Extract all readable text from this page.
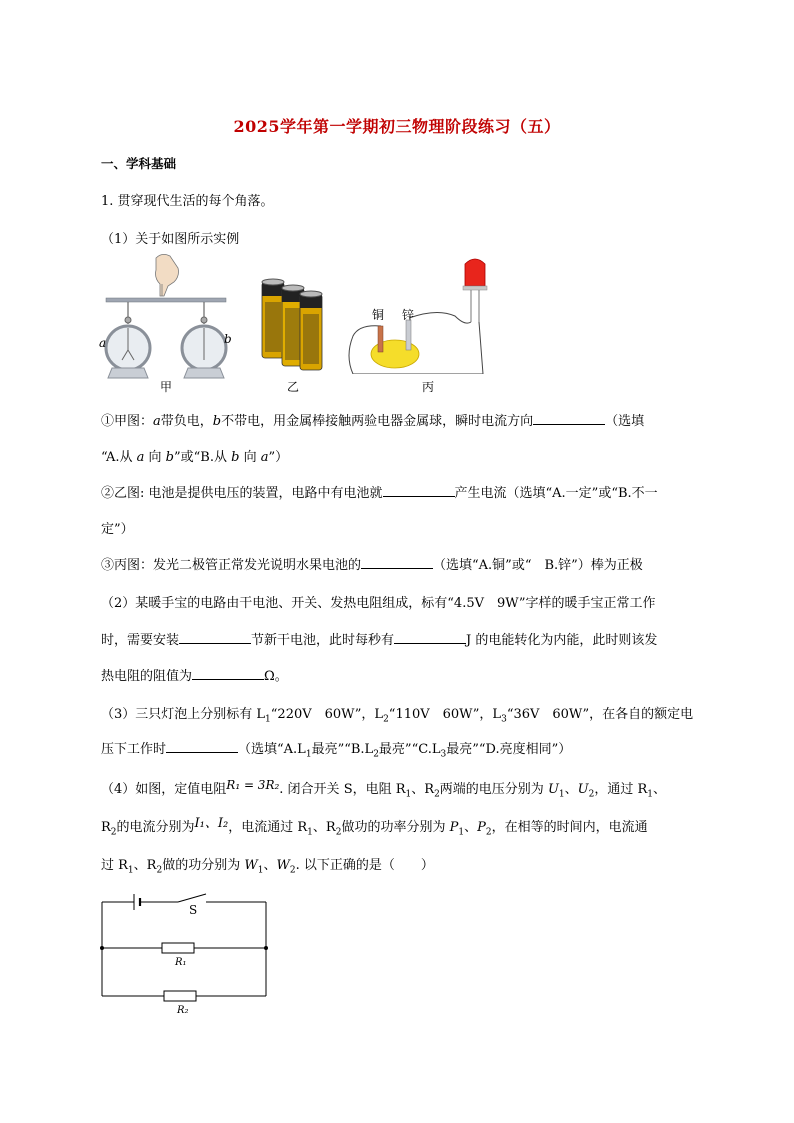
2025学年第一学期初三物理阶段练习（五）
一、学科基础
1. 贯穿现代生活的每个角落。
（1）关于如图所示实例
a	b
甲	乙
铜 锌
丙
①甲图：a带负电，b不带电，用金属棒接触两验电器金属球，瞬时电流方向	（选填
“A.从 a 向 b”或“B.从 b 向 a”）
②乙图: 电池是提供电压的装置，电路中有电池就	产生电流（选填“A.一定”或“B.不一
定”）
③丙图：发光二极管正常发光说明水果电池的	（选填“A.铜”或“　B.锌”）棒为正极
（2）某暖手宝的电路由干电池、开关、发热电阻组成，标有“4.5V　9W”字样的暖手宝正常工作
时，需要安装	节新干电池，此时每秒有	J 的电能转化为内能，此时则该发
热电阻的阻值为	Ω。
（3）三只灯泡上分别标有 $L_1“220V$　60W”，$L_2“110V$　60W”，$L_3“36V$　60W”，在各自的额定电
压下工作时	（选填“$A.L_1$最亮$”“B.L_2$最亮$”“C.L_3$最亮”“D.亮度相同”）
（4）如图，定值电阻R₁ = 3R₂. 闭合开关 S，电阻 $R_1$、$R_2$两端的电压分别为 $U_1$、$U_2$，通过 $R_1$、
$R_2$的电流分别为I₁、I₂，电流通过 $R_1$、$R_2$做功的功率分别为 $P_1$、$P_2$，在相等的时间内，电流通
过 $R_1$、$R_2$做的功分别为 $W_1$、$W_2$. 以下正确的是（　　）
S
R₁
R₂
